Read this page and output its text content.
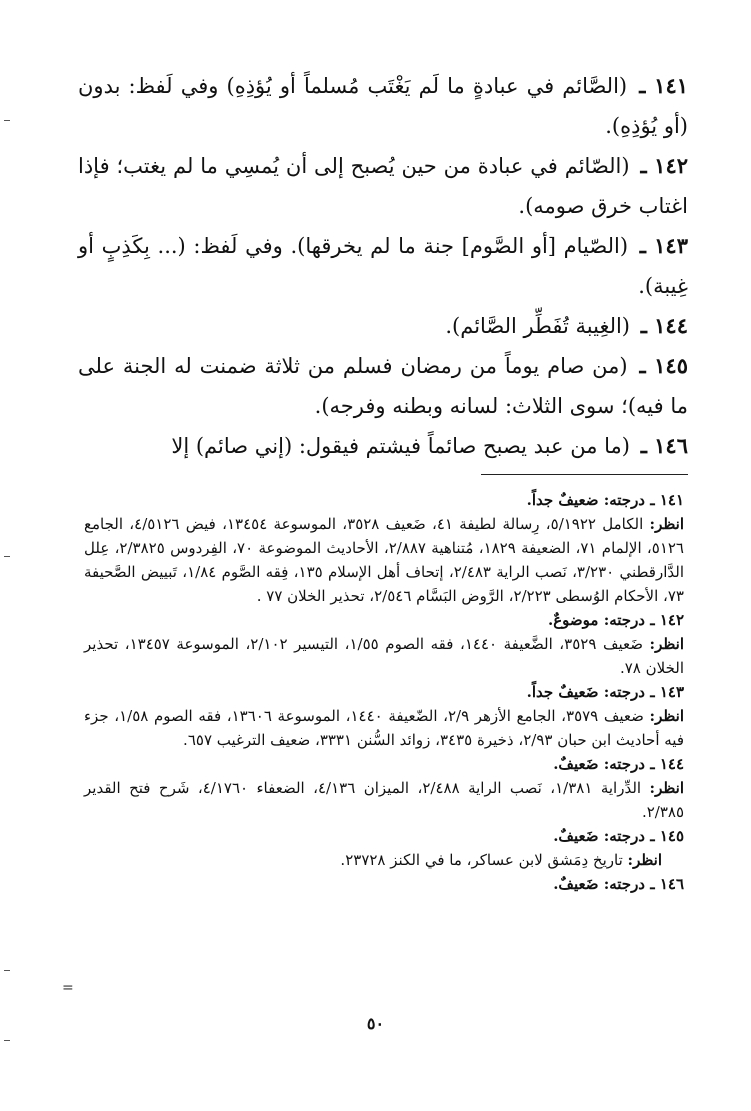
١٤١ ـ (الصَّائم في عبادةٍ ما لَم يَغْتَب مُسلماً أو يُؤذِهِ) وفي لَفظ: بدون (أو يُؤذِهِ).

١٤٢ ـ (الصّائم في عبادة من حين يُصبح إلى أن يُمسِي ما لم يغتب؛ فإذا اغتاب خرق صومه).

١٤٣ ـ (الصّيام [أو الصَّوم] جنة ما لم يخرقها). وفي لَفظ: (... بِكَذِبٍ أو غِيبة).

١٤٤ ـ (الغِيبة تُفَطِّر الصَّائم).

١٤٥ ـ (من صام يوماً من رمضان فسلم من ثلاثة ضمنت له الجنة على ما فيه)؛ سوى الثلاث: لسانه وبطنه وفرجه).

١٤٦ ـ (ما من عبد يصبح صائماً فيشتم فيقول: (إني صائم) إلا

١٤١ ـ درجته: ضعيفٌ جداً.

انظر: الكامل ٥/١٩٢٢، رِسالة لطيفة ٤١، ضَعيف ٣٥٢٨، الموسوعة ١٣٤٥٤، فيض ٤/٥١٢٦، الجامع ٥١٢٦، الإلمام ٧١، الضعيفة ١٨٢٩، مُتناهية ٢/٨٨٧، الأحاديث الموضوعة ٧٠، الفِردوس ٢/٣٨٢٥، عِلل الدَّارقطني ٣/٢٣٠، نَصب الراية ٢/٤٨٣، إتحاف أهل الإسلام ١٣٥، فِقه الصَّوم ١/٨٤، تَبييض الصَّحيفة ٧٣، الأحكام الوُسطى ٢/٢٢٣، الرَّوض البَسَّام ٢/٥٤٦، تحذير الخلان ٧٧ .

١٤٢ ـ درجته: موضوعٌ.

انظر: ضَعيف ٣٥٢٩، الضَّعيفة ١٤٤٠، فقه الصوم ١/٥٥، التيسير ٢/١٠٢، الموسوعة ١٣٤٥٧، تحذير الخلان ٧٨.

١٤٣ ـ درجته: ضَعيفٌ جداً.

انظر: ضعيف ٣٥٧٩، الجامع الأزهر ٢/٩، الضّعيفة ١٤٤٠، الموسوعة ١٣٦٠٦، فقه الصوم ١/٥٨، جزء فيه أحاديث ابن حبان ٢/٩٣، ذخيرة ٣٤٣٥، زوائد السُّنن ٣٣٣١، ضعيف الترغيب ٦٥٧.

١٤٤ ـ درجته: ضَعيفٌ.

انظر: الدِّراية ١/٣٨١، نَصب الراية ٢/٤٨٨، الميزان ٤/١٣٦، الضعفاء ٤/١٧٦٠، شَرح فتح القدير ٢/٣٨٥.

١٤٥ ـ درجته: ضَعيفٌ.

انظر: تاريخ دِمَشق لابن عساكر، ما في الكنز ٢٣٧٢٨.

١٤٦ ـ درجته: ضَعيفٌ.
=
٥٠
